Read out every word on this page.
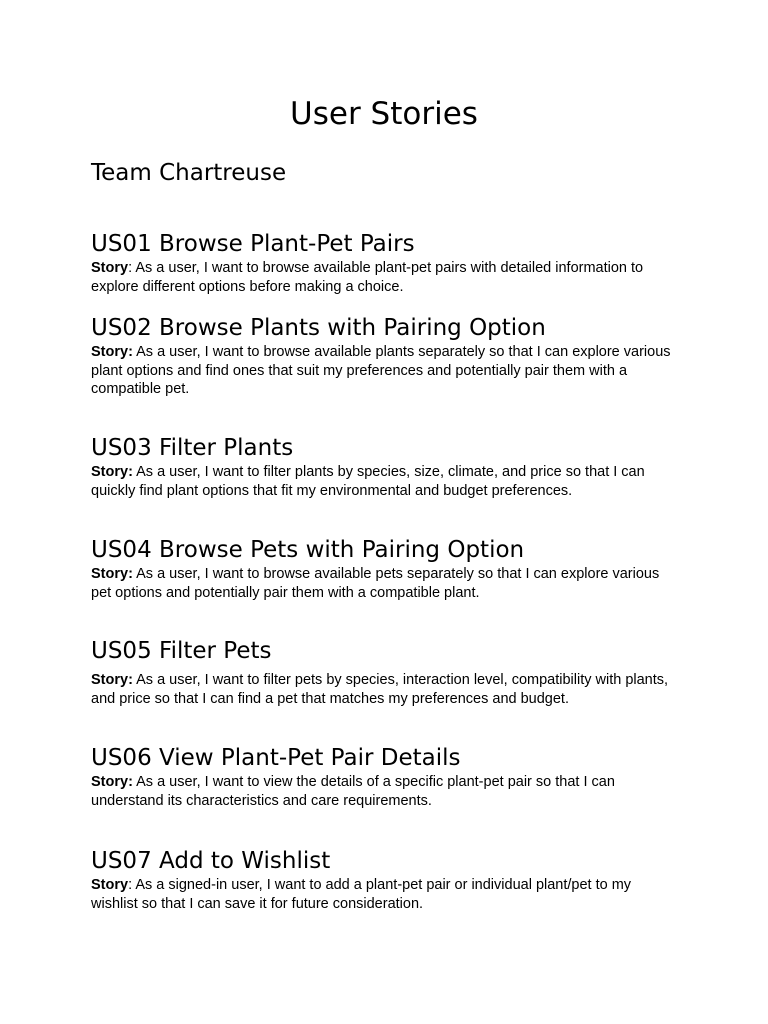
User Stories
Team Chartreuse
US01 Browse Plant-Pet Pairs

Story: As a user, I want to browse available plant-pet pairs with detailed information to explore different options before making a choice.

US02 Browse Plants with Pairing Option

Story: As a user, I want to browse available plants separately so that I can explore various plant options and find ones that suit my preferences and potentially pair them with a compatible pet.

US03 Filter Plants

Story: As a user, I want to filter plants by species, size, climate, and price so that I can quickly find plant options that fit my environmental and budget preferences.

US04 Browse Pets with Pairing Option

Story: As a user, I want to browse available pets separately so that I can explore various pet options and potentially pair them with a compatible plant.

US05 Filter Pets

Story: As a user, I want to filter pets by species, interaction level, compatibility with plants, and price so that I can find a pet that matches my preferences and budget.

US06 View Plant-Pet Pair Details

Story: As a user, I want to view the details of a specific plant-pet pair so that I can understand its characteristics and care requirements.

US07 Add to Wishlist

Story: As a signed-in user, I want to add a plant-pet pair or individual plant/pet to my wishlist so that I can save it for future consideration.
